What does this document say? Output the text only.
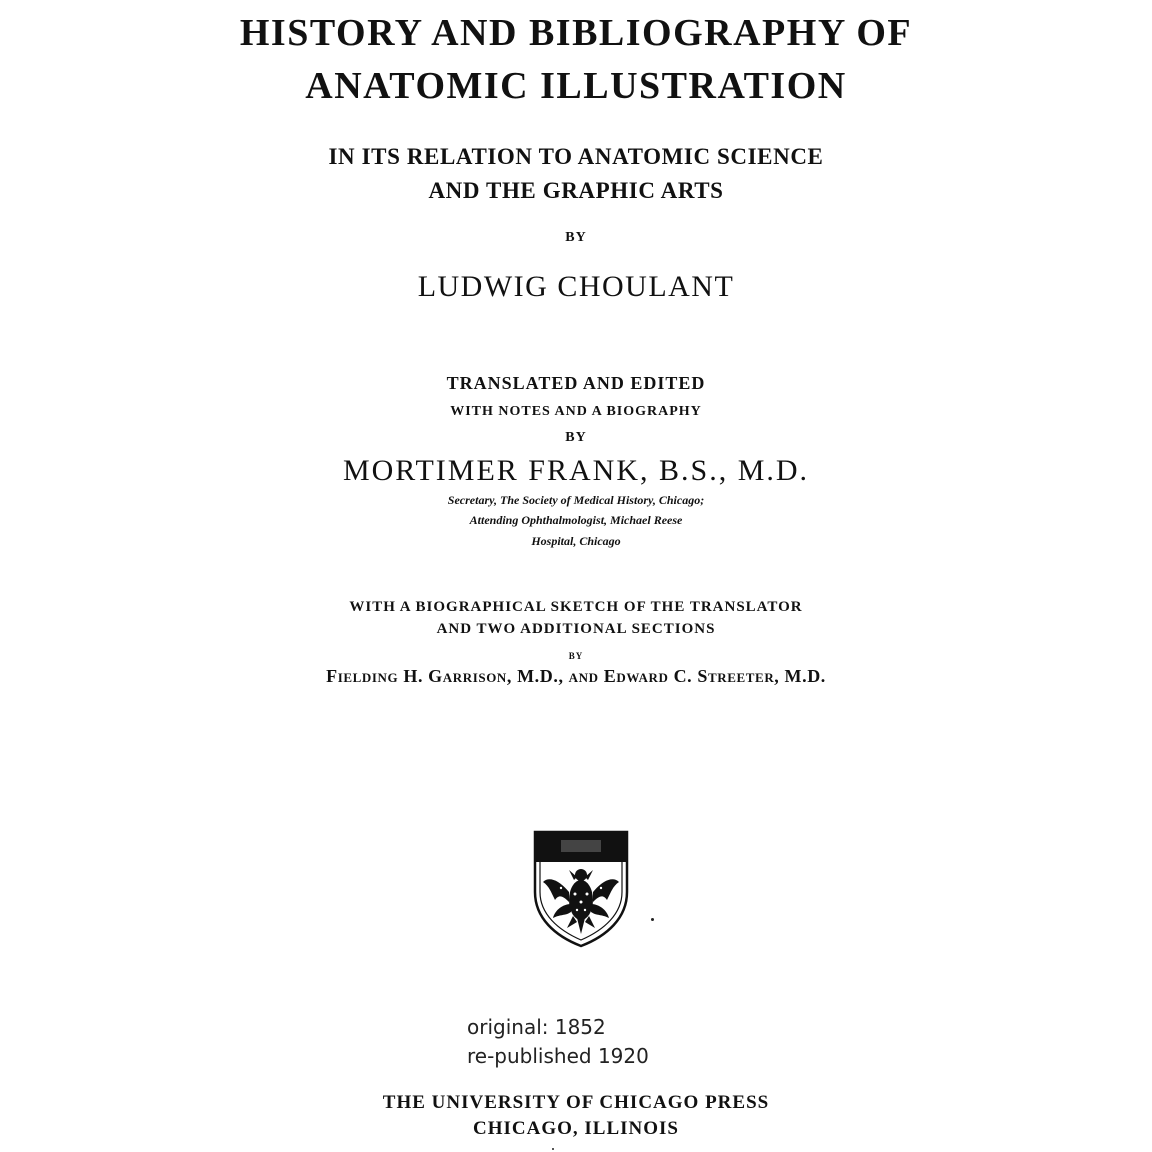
HISTORY AND BIBLIOGRAPHY OF
ANATOMIC ILLUSTRATION
IN ITS RELATION TO ANATOMIC SCIENCE
AND THE GRAPHIC ARTS
BY
LUDWIG CHOULANT
TRANSLATED AND EDITED
WITH NOTES AND A BIOGRAPHY
BY
MORTIMER FRANK, B.S., M.D.
Secretary, The Society of Medical History, Chicago;
Attending Ophthalmologist, Michael Reese
Hospital, Chicago
WITH A BIOGRAPHICAL SKETCH OF THE TRANSLATOR
AND TWO ADDITIONAL SECTIONS
BY
Fielding H. Garrison, M.D., and Edward C. Streeter, M.D.
original: 1852
re-published 1920
THE UNIVERSITY OF CHICAGO PRESS
CHICAGO, ILLINOIS
